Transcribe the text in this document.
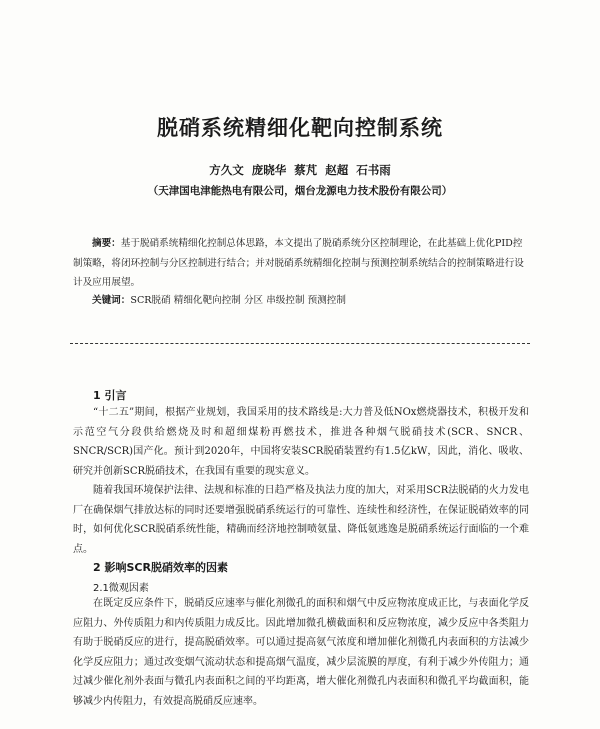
脱硝系统精细化靶向控制系统
方久文 庞晓华 蔡芃 赵超 石书雨
（天津国电津能热电有限公司，烟台龙源电力技术股份有限公司）
摘要：基于脱硝系统精细化控制总体思路，本文提出了脱硝系统分区控制理论，在此基础上优化PID控制策略，将闭环控制与分区控制进行结合；并对脱硝系统精细化控制与预测控制系统结合的控制策略进行设计及应用展望。
关键词：SCR脱硝 精细化靶向控制 分区 串级控制 预测控制
1 引言
“十二五”期间，根据产业规划，我国采用的技术路线是:大力普及低NOx燃烧器技术，积极开发和示范空气分段供给燃烧及时和超细煤粉再燃技术，推进各种烟气脱硝技术(SCR、SNCR、SNCR/SCR)国产化。预计到2020年，中国将安装SCR脱硝装置约有1.5亿kW，因此，消化、吸收、研究并创新SCR脱硝技术，在我国有重要的现实意义。
随着我国环境保护法律、法规和标准的日趋严格及执法力度的加大，对采用SCR法脱硝的火力发电厂在确保烟气排放达标的同时还要增强脱硝系统运行的可靠性、连续性和经济性，在保证脱硝效率的同时，如何优化SCR脱硝系统性能，精确而经济地控制喷氨量、降低氨逃逸是脱硝系统运行面临的一个难点。
2 影响SCR脱硝效率的因素
2.1微观因素
在既定反应条件下，脱硝反应速率与催化剂微孔的面积和烟气中反应物浓度成正比，与表面化学反应阻力、外传质阻力和内传质阻力成反比。因此增加微孔横截面积和反应物浓度，减少反应中各类阻力有助于脱硝反应的进行，提高脱硝效率。可以通过提高氨气浓度和增加催化剂微孔内表面积的方法减少化学反应阻力；通过改变烟气流动状态和提高烟气温度，减少层流膜的厚度，有利于减少外传阻力；通过减少催化剂外表面与微孔内表面积之间的平均距离，增大催化剂微孔内表面积和微孔平均截面积，能够减少内传阻力，有效提高脱硝反应速率。
